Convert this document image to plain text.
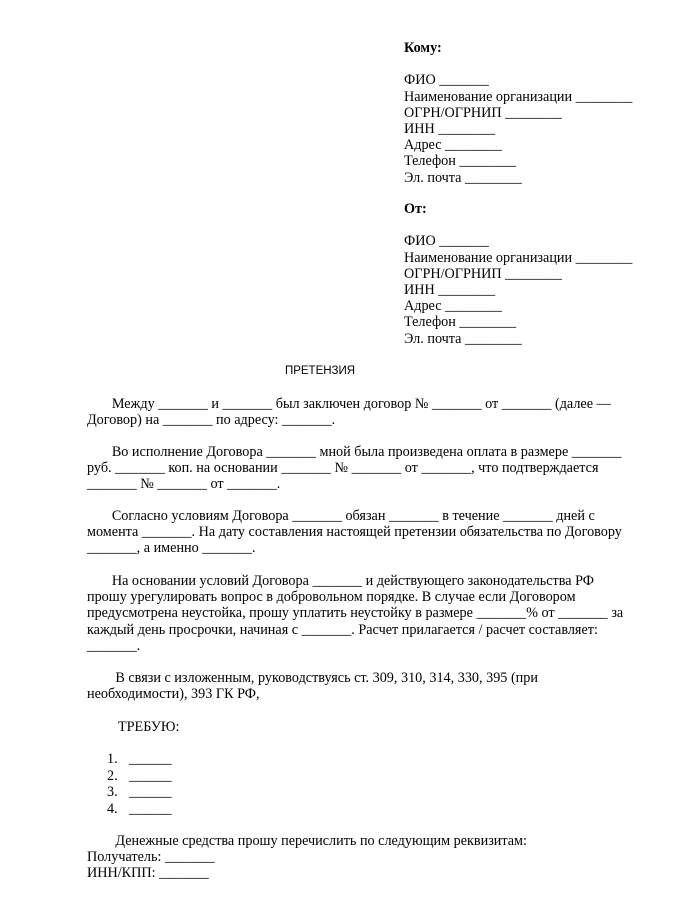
Кому:
ФИО _______
Наименование организации ________
ОГРН/ОГРНИП ________
ИНН ________
Адрес ________
Телефон ________
Эл. почта ________
От:
ФИО _______
Наименование организации ________
ОГРН/ОГРНИП ________
ИНН ________
Адрес ________
Телефон ________
Эл. почта ________
ПРЕТЕНЗИЯ

Между _______ и _______ был заключен договор № _______ от _______ (далее —
Договор) на _______ по адресу: _______.

Во исполнение Договора _______ мной была произведена оплата в размере _______
руб. _______ коп. на основании _______ № _______ от _______, что подтверждается
_______ № _______ от _______.

Согласно условиям Договора _______ обязан _______ в течение _______ дней с
момента _______. На дату составления настоящей претензии обязательства по Договору
_______, а именно _______.

На основании условий Договора _______ и действующего законодательства РФ
прошу урегулировать вопрос в добровольном порядке. В случае если Договором
предусмотрена неустойка, прошу уплатить неустойку в размере _______% от _______ за
каждый день просрочки, начиная с _______. Расчет прилагается / расчет составляет:
_______.

В связи с изложенным, руководствуясь ст. 309, 310, 314, 330, 395 (при
необходимости), 393 ГК РФ,

ТРЕБУЮ:
1. ______
2. ______
3. ______
4. ______
Денежные средства прошу перечислить по следующим реквизитам:
Получатель: _______
ИНН/КПП: _______
